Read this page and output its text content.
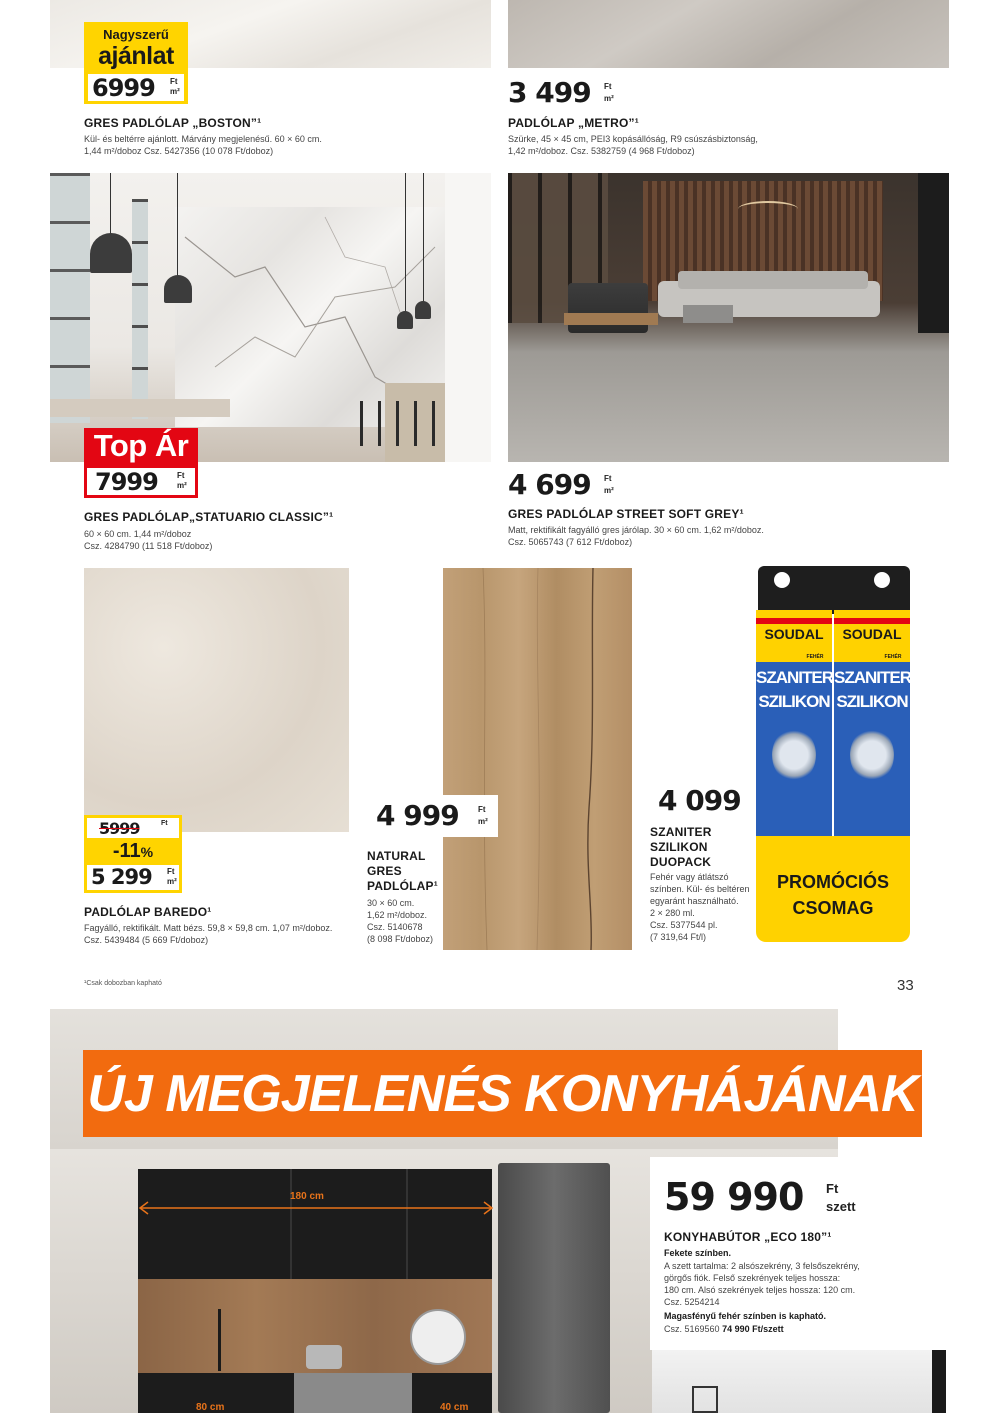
Nagyszerű
ajánlat
6999 Ft
m²
GRES PADLÓLAP „BOSTON”¹
Kül- és beltérre ajánlott. Márvány megjelenésű. 60 × 60 cm.
1,44 m²/doboz Csz. 5427356 (10 078 Ft/doboz)
3 499 Ft
m²
PADLÓLAP „METRO”¹
Szürke, 45 × 45 cm, PEI3 kopásállóság, R9 csúszásbiztonság,
1,42 m²/doboz. Csz. 5382759 (4 968 Ft/doboz)
Top Ár
7999 Ft
m²
GRES PADLÓLAP„STATUARIO CLASSIC”¹
60 × 60 cm. 1,44 m²/doboz
Csz. 4284790 (11 518 Ft/doboz)
4 699 Ft
m²
GRES PADLÓLAP STREET SOFT GREY¹
Matt, rektifikált fagyálló gres járólap. 30 × 60 cm. 1,62 m²/doboz.
Csz. 5065743 (7 612 Ft/doboz)
5999	Ft
-11%
5 299 Ft
m²
PADLÓLAP BAREDO¹
Fagyálló, rektifikált. Matt bézs. 59,8 × 59,8 cm. 1,07 m²/doboz.
Csz. 5439484 (5 669 Ft/doboz)
4 999 Ft
m²
NATURAL
GRES
PADLÓLAP¹
30 × 60 cm.
1,62 m²/doboz.
Csz. 5140678
(8 098 Ft/doboz)
SOUDAL
FEHÉR
SZANITER
SZILIKON
SOUDAL
FEHÉR
SZANITER
SZILIKON
PROMÓCIÓS
CSOMAG
4 099
SZANITER
SZILIKON
DUOPACK
Fehér vagy átlátszó
színben. Kül- és beltéren
egyaránt használható.
2 × 280 ml.
Csz. 5377544 pl.
(7 319,64 Ft/l)
¹Csak dobozban kapható	33
180 cm
80 cm	40 cm
ÚJ MEGJELENÉS KONYHÁJÁNAK
59 990 Ft
szett
KONYHABÚTOR „ECO 180”¹
Fekete színben.
A szett tartalma: 2 alsószekrény, 3 felsőszekrény,
görgős fiók. Felső szekrények teljes hossza:
180 cm. Alsó szekrények teljes hossza: 120 cm.
Csz. 5254214
Magasfényű fehér színben is kapható.
Csz. 5169560 74 990 Ft/szett
